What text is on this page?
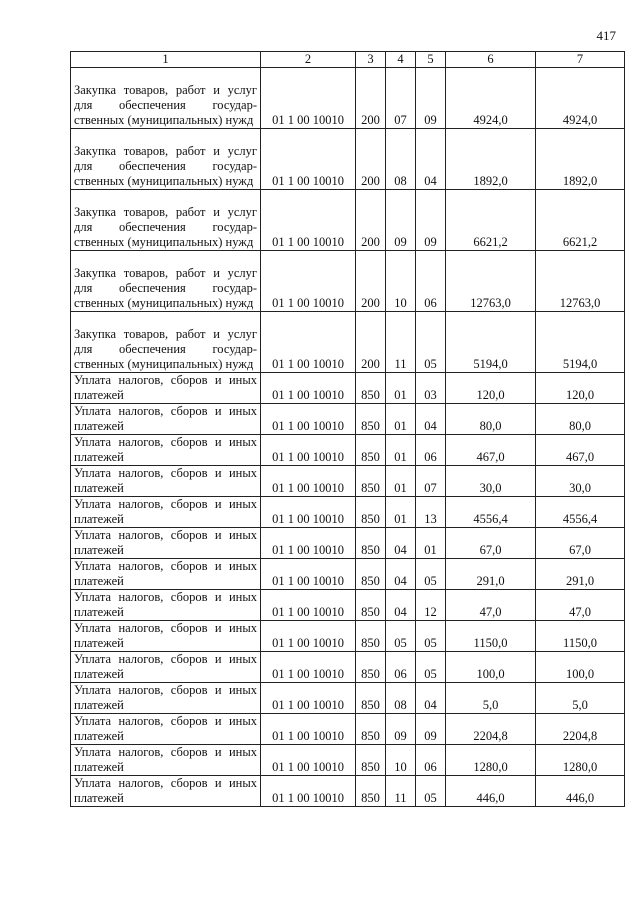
417
1	2	3	4	5	6	7
Закупка товаров, работ и услуг для обеспечения государ-ственных (муниципальных) нужд	01 1 00 10010	200	07	09	4924,0	4924,0
Закупка товаров, работ и услуг для обеспечения государ-ственных (муниципальных) нужд	01 1 00 10010	200	08	04	1892,0	1892,0
Закупка товаров, работ и услуг для обеспечения государ-ственных (муниципальных) нужд	01 1 00 10010	200	09	09	6621,2	6621,2
Закупка товаров, работ и услуг для обеспечения государ-ственных (муниципальных) нужд	01 1 00 10010	200	10	06	12763,0	12763,0
Закупка товаров, работ и услуг для обеспечения государ-ственных (муниципальных) нужд	01 1 00 10010	200	11	05	5194,0	5194,0
Уплата налогов, сборов и иных платежей	01 1 00 10010	850	01	03	120,0	120,0
Уплата налогов, сборов и иных платежей	01 1 00 10010	850	01	04	80,0	80,0
Уплата налогов, сборов и иных платежей	01 1 00 10010	850	01	06	467,0	467,0
Уплата налогов, сборов и иных платежей	01 1 00 10010	850	01	07	30,0	30,0
Уплата налогов, сборов и иных платежей	01 1 00 10010	850	01	13	4556,4	4556,4
Уплата налогов, сборов и иных платежей	01 1 00 10010	850	04	01	67,0	67,0
Уплата налогов, сборов и иных платежей	01 1 00 10010	850	04	05	291,0	291,0
Уплата налогов, сборов и иных платежей	01 1 00 10010	850	04	12	47,0	47,0
Уплата налогов, сборов и иных платежей	01 1 00 10010	850	05	05	1150,0	1150,0
Уплата налогов, сборов и иных платежей	01 1 00 10010	850	06	05	100,0	100,0
Уплата налогов, сборов и иных платежей	01 1 00 10010	850	08	04	5,0	5,0
Уплата налогов, сборов и иных платежей	01 1 00 10010	850	09	09	2204,8	2204,8
Уплата налогов, сборов и иных платежей	01 1 00 10010	850	10	06	1280,0	1280,0
Уплата налогов, сборов и иных платежей	01 1 00 10010	850	11	05	446,0	446,0
